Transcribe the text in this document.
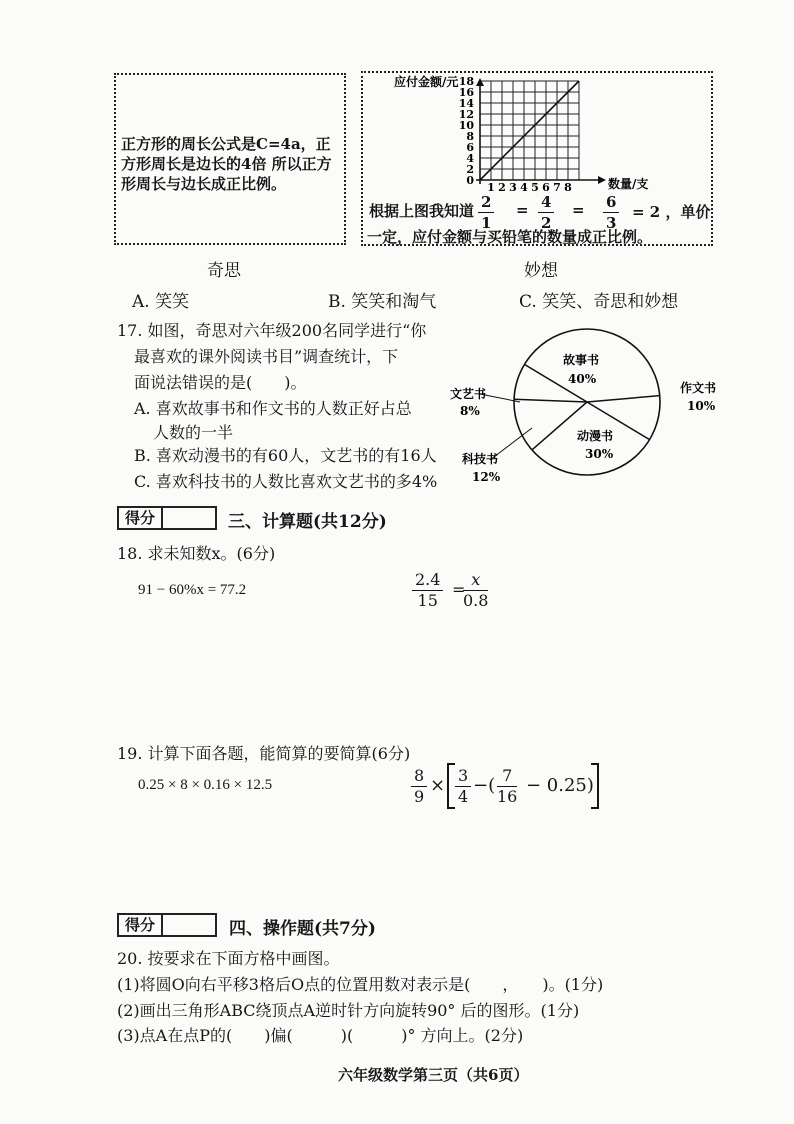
正方形的周长公式是C=4a，正方形周长是边长的4倍 所以正方形周长与边长成正比例。
应付金额/元
数量/支
0
2
4
6
8
10
12
14
16
18
1 2 3 4 5 6 7 8
根据上图我知道 $\frac{2}{1} = \frac{4}{2} = \frac{6}{3} = 2$ ，单价
一定，应付金额与买铅笔的数量成正比例。
奇思	妙想
A. 笑笑	B. 笑笑和淘气	C. 笑笑、奇思和妙想
17. 如图，奇思对六年级200名同学进行“你
最喜欢的课外阅读书目”调查统计，下
面说法错误的是(　　)。
A. 喜欢故事书和作文书的人数正好占总
人数的一半
B. 喜欢动漫书的有60人，文艺书的有16人
C. 喜欢科技书的人数比喜欢文艺书的多4%
故事书
40%
作文书
10%
文艺书
8%
动漫书
30%
科技书
12%
得分	三、计算题(共12分)
18. 求未知数x。(6分)
91 − 60%x = 77.2	$\frac{2.4}{15}$ =
$\frac{x}{0.8}$
19. 计算下面各题，能简算的要简算(6分)
0.25 × 8 × 0.16 × 12.5	$\frac{8}{9} \times \frac{3}{4}$ −( $\frac{7}{16} - 0.25$)
得分	四、操作题(共7分)
20. 按要求在下面方格中画图。
(1)将圆O向右平移3格后O点的位置用数对表示是(　　，　　)。(1分)
(2)画出三角形ABC绕顶点A逆时针方向旋转90° 后的图形。(1分)
(3)点A在点P的(　　)偏(　　　)(　　　)° 方向上。(2分)
六年级数学第三页（共6页）
